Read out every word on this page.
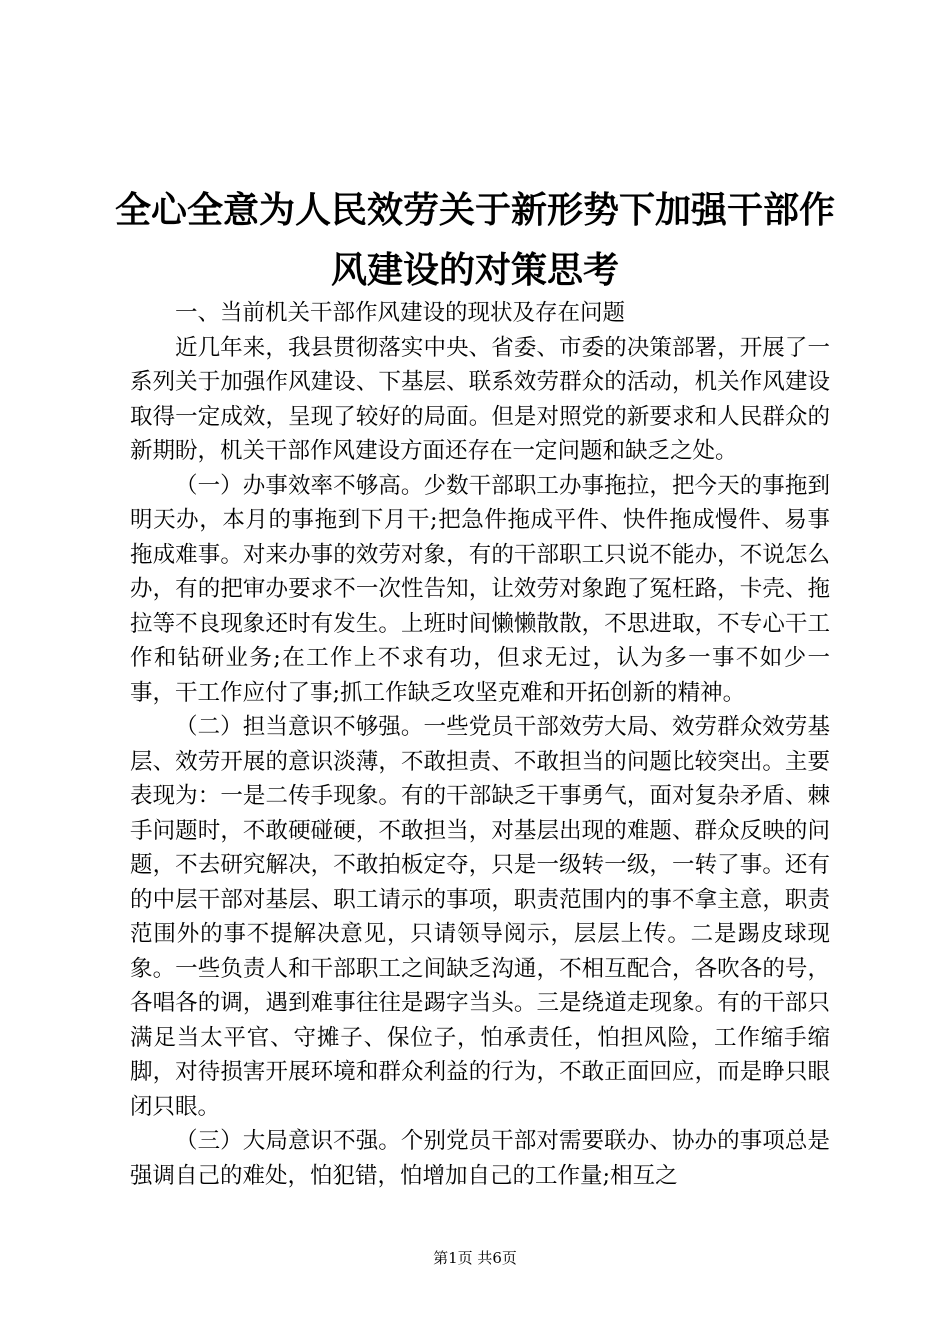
全心全意为人民效劳关于新形势下加强干部作
风建设的对策思考

一、当前机关干部作风建设的现状及存在问题

近几年来，我县贯彻落实中央、省委、市委的决策部署，开展了一系列关于加强作风建设、下基层、联系效劳群众的活动，机关作风建设取得一定成效，呈现了较好的局面。但是对照党的新要求和人民群众的新期盼，机关干部作风建设方面还存在一定问题和缺乏之处。

（一）办事效率不够高。少数干部职工办事拖拉，把今天的事拖到明天办，本月的事拖到下月干;把急件拖成平件、快件拖成慢件、易事拖成难事。对来办事的效劳对象，有的干部职工只说不能办，不说怎么办，有的把审办要求不一次性告知，让效劳对象跑了冤枉路，卡壳、拖拉等不良现象还时有发生。上班时间懒懒散散，不思进取，不专心干工作和钻研业务;在工作上不求有功，但求无过，认为多一事不如少一事，干工作应付了事;抓工作缺乏攻坚克难和开拓创新的精神。

（二）担当意识不够强。一些党员干部效劳大局、效劳群众效劳基层、效劳开展的意识淡薄，不敢担责、不敢担当的问题比较突出。主要表现为：一是二传手现象。有的干部缺乏干事勇气，面对复杂矛盾、棘手问题时，不敢硬碰硬，不敢担当，对基层出现的难题、群众反映的问题，不去研究解决，不敢拍板定夺，只是一级转一级，一转了事。还有的中层干部对基层、职工请示的事项，职责范围内的事不拿主意，职责范围外的事不提解决意见，只请领导阅示，层层上传。二是踢皮球现象。一些负责人和干部职工之间缺乏沟通，不相互配合，各吹各的号，各唱各的调，遇到难事往往是踢字当头。三是绕道走现象。有的干部只满足当太平官、守摊子、保位子，怕承责任，怕担风险，工作缩手缩脚，对待损害开展环境和群众利益的行为，不敢正面回应，而是睁只眼闭只眼。

（三）大局意识不强。个别党员干部对需要联办、协办的事项总是强调自己的难处，怕犯错，怕增加自己的工作量;相互之

第1页 共6页
